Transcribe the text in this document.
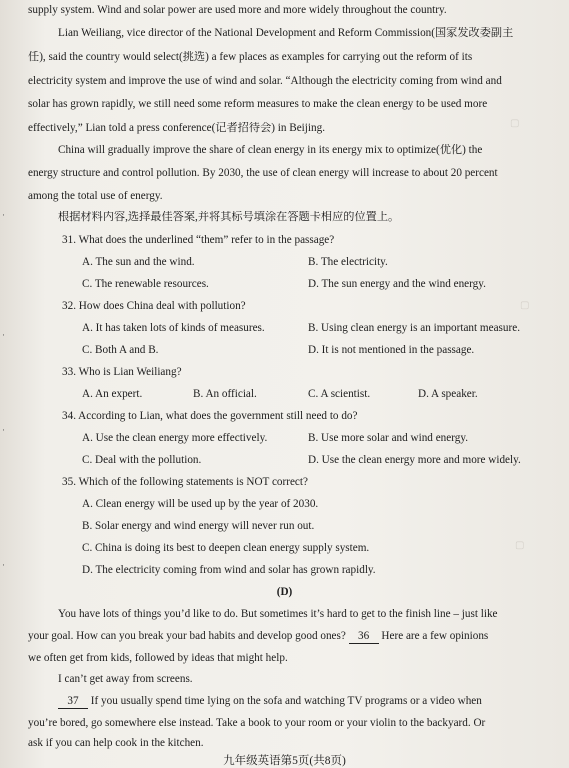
▢
▢
▢
·
·
·
·
supply system. Wind and solar power are used more and more widely throughout the country.
Lian Weiliang, vice director of the National Development and Reform Commission(国家发改委副主
任), said the country would select(挑选) a few places as examples for carrying out the reform of its
electricity system and improve the use of wind and solar. “Although the electricity coming from wind and
solar has grown rapidly, we still need some reform measures to make the clean energy to be used more
effectively,” Lian told a press conference(记者招待会) in Beijing.
China will gradually improve the share of clean energy in its energy mix to optimize(优化) the
energy structure and control pollution. By 2030, the use of clean energy will increase to about 20 percent
among the total use of energy.
根据材料内容,选择最佳答案,并将其标号填涂在答题卡相应的位置上。
31. What does the underlined “them” refer to in the passage?
A. The sun and the wind.	B. The electricity.
C. The renewable resources.	D. The sun energy and the wind energy.
32. How does China deal with pollution?
A. It has taken lots of kinds of measures.	B. Using clean energy is an important measure.
C. Both A and B.	D. It is not mentioned in the passage.
33. Who is Lian Weiliang?
A. An expert.	B. An official.	C. A scientist.	D. A speaker.
34. According to Lian, what does the government still need to do?
A. Use the clean energy more effectively.	B. Use more solar and wind energy.
C. Deal with the pollution.	D. Use the clean energy more and more widely.
35. Which of the following statements is NOT correct?
A. Clean energy will be used up by the year of 2030.
B. Solar energy and wind energy will never run out.
C. China is doing its best to deepen clean energy supply system.
D. The electricity coming from wind and solar has grown rapidly.
(D)
You have lots of things you’d like to do. But sometimes it’s hard to get to the finish line – just like
your goal. How can you break your bad habits and develop good ones? 36 Here are a few opinions
we often get from kids, followed by ideas that might help.
I can’t get away from screens.
37 If you usually spend time lying on the sofa and watching TV programs or a video when
you’re bored, go somewhere else instead. Take a book to your room or your violin to the backyard. Or
ask if you can help cook in the kitchen.
九年级英语第5页(共8页)
